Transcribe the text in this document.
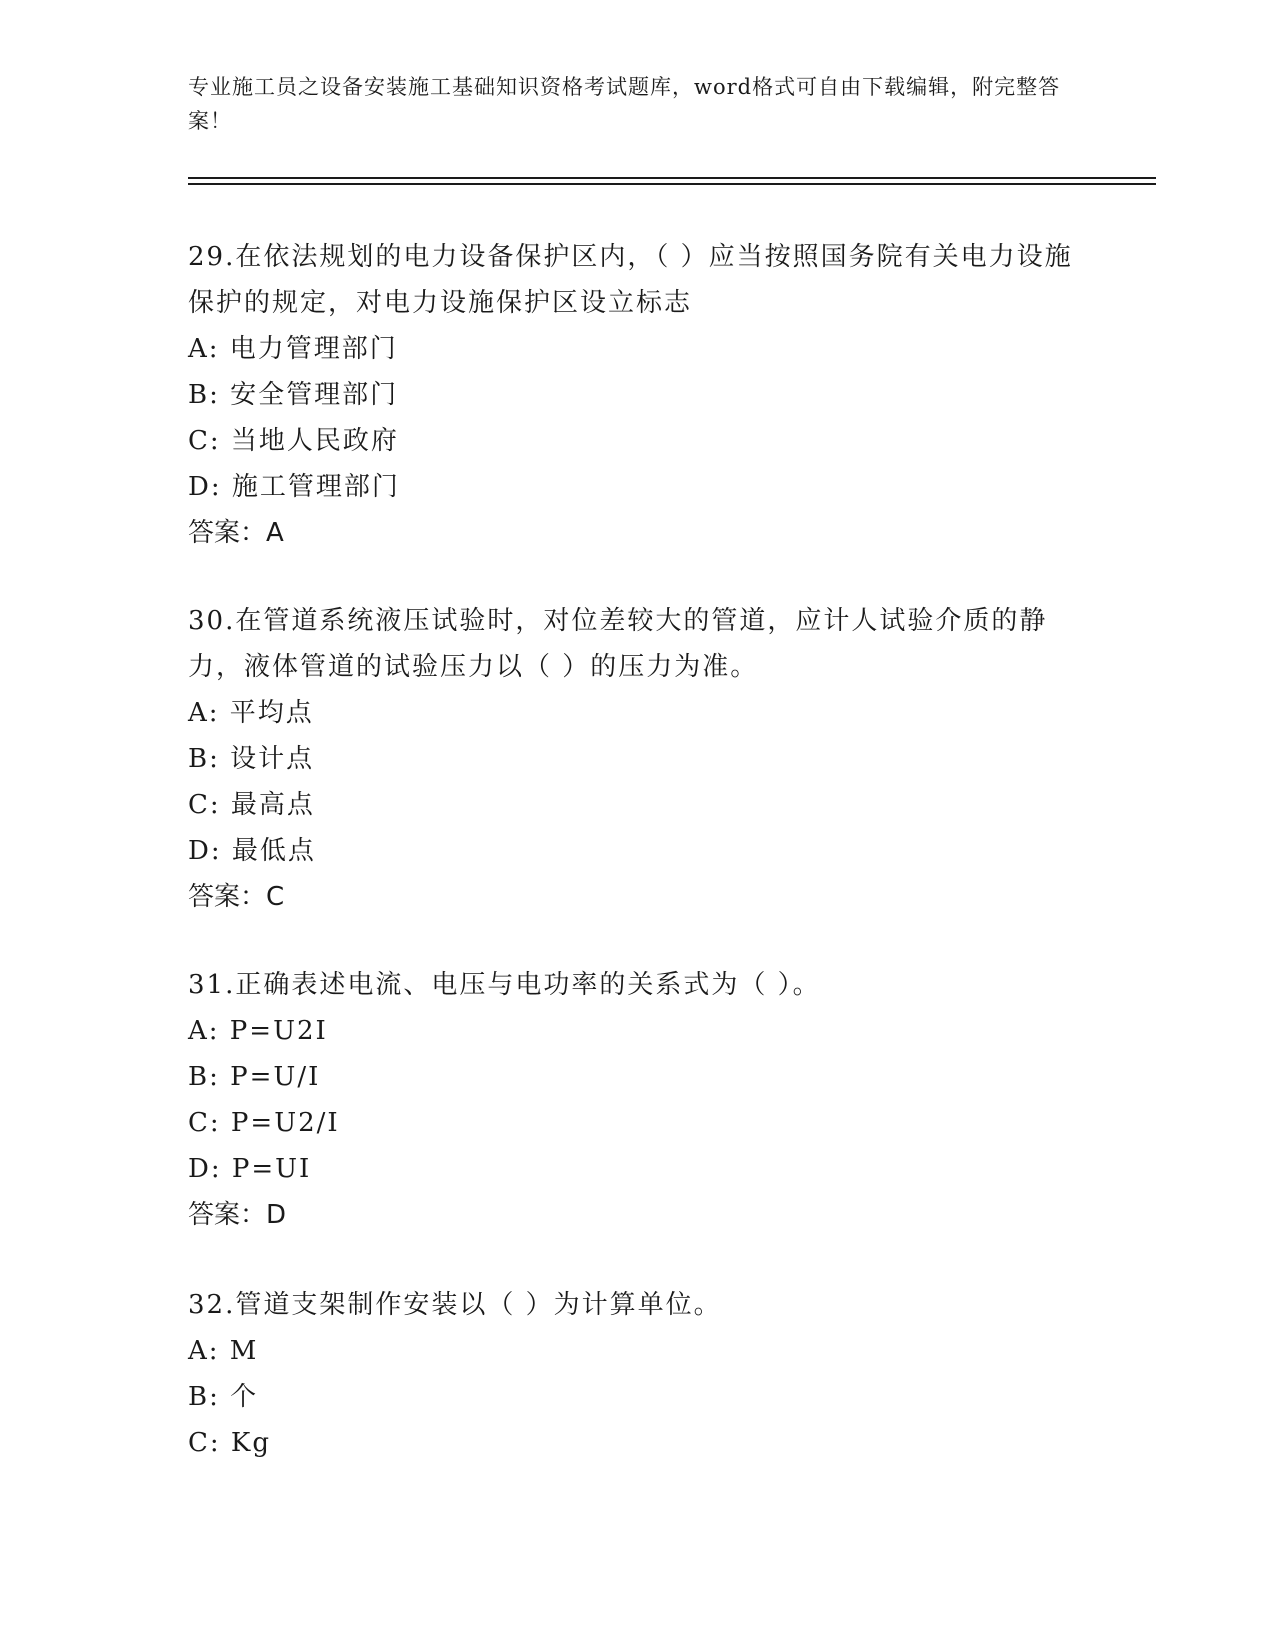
专业施工员之设备安装施工基础知识资格考试题库，word格式可自由下载编辑，附完整答案！

29.在依法规划的电力设备保护区内，（ ）应当按照国务院有关电力设施保护的规定，对电力设施保护区设立标志

A: 电力管理部门

B: 安全管理部门

C: 当地人民政府

D: 施工管理部门

答案：A

30.在管道系统液压试验时，对位差较大的管道，应计人试验介质的静力，液体管道的试验压力以（ ）的压力为准。

A: 平均点

B: 设计点

C: 最高点

D: 最低点

答案：C

31.正确表述电流、电压与电功率的关系式为（ ）。

A: P=U2I

B: P=U/I

C: P=U2/I

D: P=UI

答案：D

32.管道支架制作安装以（ ）为计算单位。

A: M

B: 个

C: Kg
